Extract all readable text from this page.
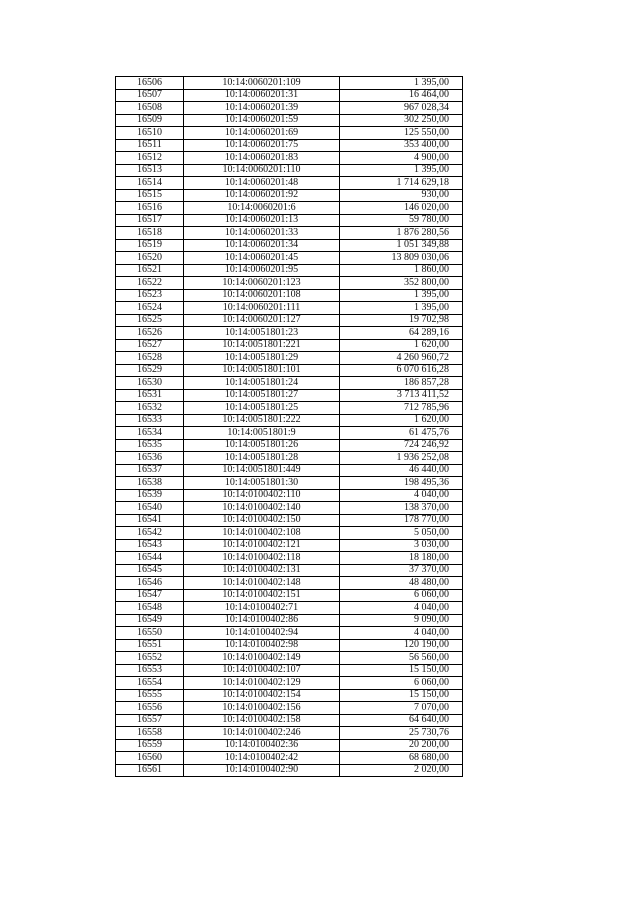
16506	10:14:0060201:109	1 395,00
16507	10:14:0060201:31	16 464,00
16508	10:14:0060201:39	967 028,34
16509	10:14:0060201:59	302 250,00
16510	10:14:0060201:69	125 550,00
16511	10:14:0060201:75	353 400,00
16512	10:14:0060201:83	4 900,00
16513	10:14:0060201:110	1 395,00
16514	10:14:0060201:48	1 714 629,18
16515	10:14:0060201:92	930,00
16516	10:14:0060201:6	146 020,00
16517	10:14:0060201:13	59 780,00
16518	10:14:0060201:33	1 876 280,56
16519	10:14:0060201:34	1 051 349,88
16520	10:14:0060201:45	13 809 030,06
16521	10:14:0060201:95	1 860,00
16522	10:14:0060201:123	352 800,00
16523	10:14:0060201:108	1 395,00
16524	10:14:0060201:111	1 395,00
16525	10:14:0060201:127	19 702,98
16526	10:14:0051801:23	64 289,16
16527	10:14:0051801:221	1 620,00
16528	10:14:0051801:29	4 260 960,72
16529	10:14:0051801:101	6 070 616,28
16530	10:14:0051801:24	186 857,28
16531	10:14:0051801:27	3 713 411,52
16532	10:14:0051801:25	712 785,96
16533	10:14:0051801:222	1 620,00
16534	10:14:0051801:9	61 475,76
16535	10:14:0051801:26	724 246,92
16536	10:14:0051801:28	1 936 252,08
16537	10:14:0051801:449	46 440,00
16538	10:14:0051801:30	198 495,36
16539	10:14:0100402:110	4 040,00
16540	10:14:0100402:140	138 370,00
16541	10:14:0100402:150	178 770,00
16542	10:14:0100402:108	5 050,00
16543	10:14:0100402:121	3 030,00
16544	10:14:0100402:118	18 180,00
16545	10:14:0100402:131	37 370,00
16546	10:14:0100402:148	48 480,00
16547	10:14:0100402:151	6 060,00
16548	10:14:0100402:71	4 040,00
16549	10:14:0100402:86	9 090,00
16550	10:14:0100402:94	4 040,00
16551	10:14:0100402:98	120 190,00
16552	10:14:0100402:149	56 560,00
16553	10:14:0100402:107	15 150,00
16554	10:14:0100402:129	6 060,00
16555	10:14:0100402:154	15 150,00
16556	10:14:0100402:156	7 070,00
16557	10:14:0100402:158	64 640,00
16558	10:14:0100402:246	25 730,76
16559	10:14:0100402:36	20 200,00
16560	10:14:0100402:42	68 680,00
16561	10:14:0100402:90	2 020,00
